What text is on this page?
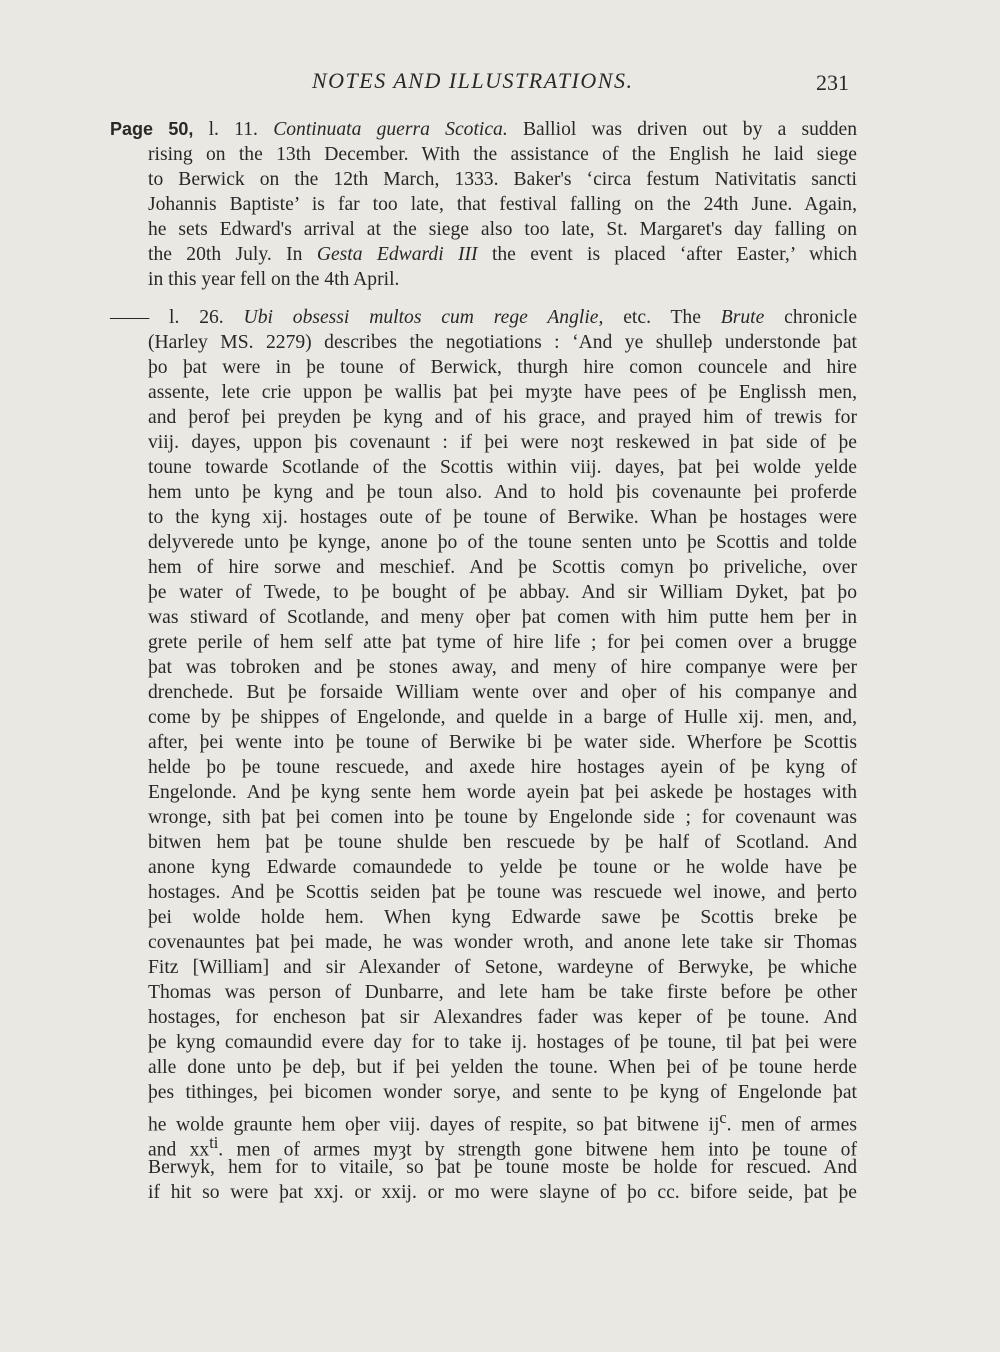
NOTES AND ILLUSTRATIONS.	231
Page 50, l. 11. Continuata guerra Scotica. Balliol was driven out by a sudden
rising on the 13th December. With the assistance of the English he laid siege
to Berwick on the 12th March, 1333. Baker's ‘circa festum Nativitatis sancti
Johannis Baptiste’ is far too late, that festival falling on the 24th June. Again,
he sets Edward's arrival at the siege also too late, St. Margaret's day falling on
the 20th July. In Gesta Edwardi III the event is placed ‘after Easter,’ which
in this year fell on the 4th April.
—— l. 26. Ubi obsessi multos cum rege Anglie, etc. The Brute chronicle
(Harley MS. 2279) describes the negotiations : ‘And ye shulleþ understonde þat
þo þat were in þe toune of Berwick, thurgh hire comon councele and hire
assente, lete crie uppon þe wallis þat þei myȝte have pees of þe Englissh men,
and þerof þei preyden þe kyng and of his grace, and prayed him of trewis for
viij. dayes, uppon þis covenaunt : if þei were noȝt reskewed in þat side of þe
toune towarde Scotlande of the Scottis within viij. dayes, þat þei wolde yelde
hem unto þe kyng and þe toun also. And to hold þis covenaunte þei proferde
to the kyng xij. hostages oute of þe toune of Berwike. Whan þe hostages were
delyverede unto þe kynge, anone þo of the toune senten unto þe Scottis and tolde
hem of hire sorwe and meschief. And þe Scottis comyn þo priveliche, over
þe water of Twede, to þe bought of þe abbay. And sir William Dyket, þat þo
was stiward of Scotlande, and meny oþer þat comen with him putte hem þer in
grete perile of hem self atte þat tyme of hire life ; for þei comen over a brugge
þat was tobroken and þe stones away, and meny of hire companye were þer
drenchede. But þe forsaide William wente over and oþer of his companye and
come by þe shippes of Engelonde, and quelde in a barge of Hulle xij. men, and,
after, þei wente into þe toune of Berwike bi þe water side. Wherfore þe Scottis
helde þo þe toune rescuede, and axede hire hostages ayein of þe kyng of
Engelonde. And þe kyng sente hem worde ayein þat þei askede þe hostages with
wronge, sith þat þei comen into þe toune by Engelonde side ; for covenaunt was
bitwen hem þat þe toune shulde ben rescuede by þe half of Scotland. And
anone kyng Edwarde comaundede to yelde þe toune or he wolde have þe
hostages. And þe Scottis seiden þat þe toune was rescuede wel inowe, and þerto
þei wolde holde hem. When kyng Edwarde sawe þe Scottis breke þe
covenauntes þat þei made, he was wonder wroth, and anone lete take sir Thomas
Fitz [William] and sir Alexander of Setone, wardeyne of Berwyke, þe whiche
Thomas was person of Dunbarre, and lete ham be take firste before þe other
hostages, for encheson þat sir Alexandres fader was keper of þe toune. And
þe kyng comaundid evere day for to take ij. hostages of þe toune, til þat þei were
alle done unto þe deþ, but if þei yelden the toune. When þei of þe toune herde
þes tithinges, þei bicomen wonder sorye, and sente to þe kyng of Engelonde þat
he wolde graunte hem oþer viij. dayes of respite, so þat bitwene $ij^c$. men of armes
and $xx^{ti}$. men of armes myȝt by strength gone bitwene hem into þe toune of
Berwyk, hem for to vitaile, so þat þe toune moste be holde for rescued. And
if hit so were þat xxj. or xxij. or mo were slayne of þo cc. bifore seide, þat þe
